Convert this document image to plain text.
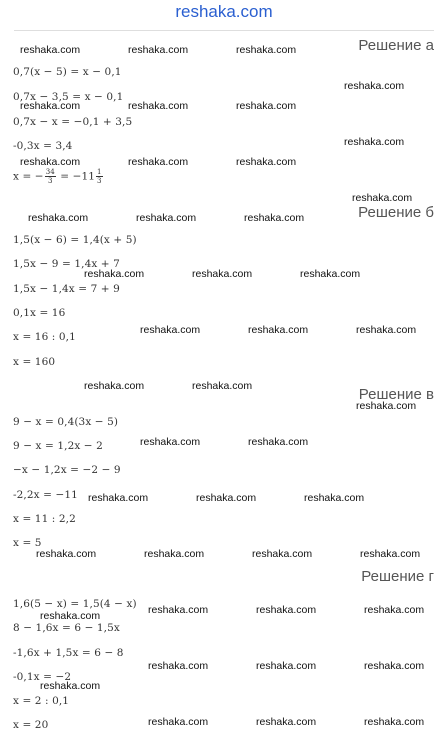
reshaka.com
Решение а
0,7(x − 5) = x − 0,1
0,7x − 3,5 = x − 0,1
0,7x − x = −0,1 + 3,5
-0,3x = 3,4
x = − $\frac{34}{3} = -11 \frac{1}{3}$
Решение б
1,5(x − 6) = 1,4(x + 5)
1,5x − 9 = 1,4x + 7
1,5x − 1,4x = 7 + 9
0,1x = 16
x = 16 : 0,1
x = 160
Решение в
9 − x = 0,4(3x − 5)
9 − x = 1,2x − 2
−x − 1,2x = −2 − 9
-2,2x = −11
x = 11 : 2,2
x = 5
Решение г
1,6(5 − x) = 1,5(4 − x)
8 − 1,6x = 6 − 1,5x
-1,6x + 1,5x = 6 − 8
-0,1x = −2
x = 2 : 0,1
x = 20
reshaka.com	reshaka.com	reshaka.com
reshaka.com
reshaka.com	reshaka.com	reshaka.com
reshaka.com
reshaka.com	reshaka.com	reshaka.com
reshaka.com
reshaka.com	reshaka.com	reshaka.com
reshaka.com	reshaka.com	reshaka.com
reshaka.com	reshaka.com	reshaka.com
reshaka.com	reshaka.com
reshaka.com
reshaka.com	reshaka.com
reshaka.com	reshaka.com	reshaka.com
reshaka.com	reshaka.com	reshaka.com	reshaka.com
reshaka.com	reshaka.com	reshaka.com	reshaka.com
reshaka.com	reshaka.com	reshaka.com
reshaka.com
reshaka.com	reshaka.com	reshaka.com
